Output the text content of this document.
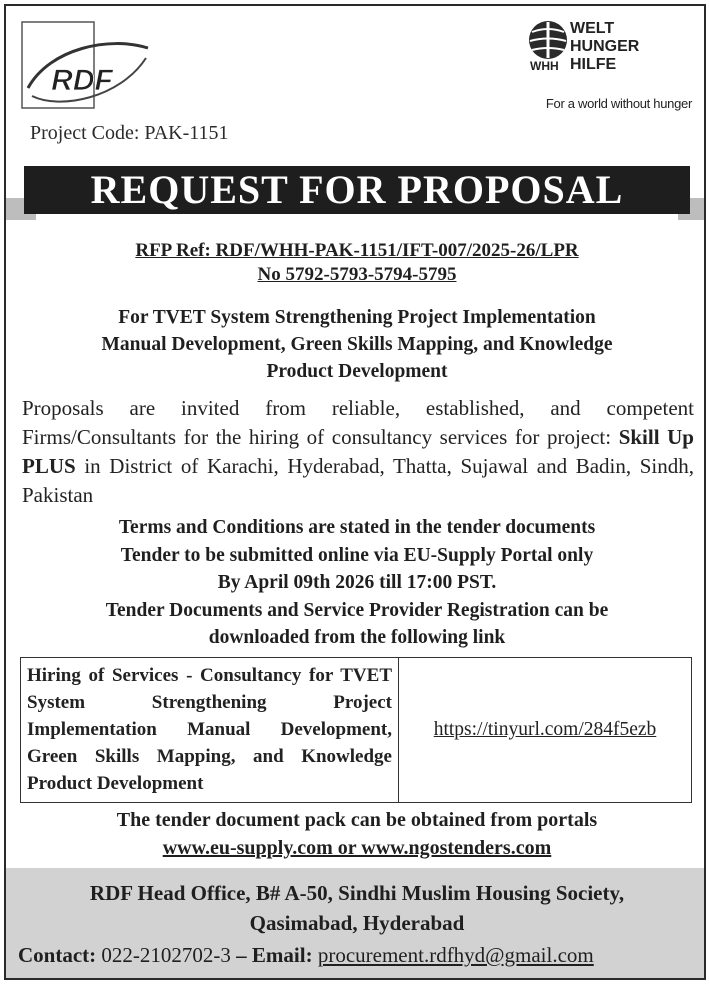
RDF
WELT
HUNGER
HILFE
WHH
For a world without hunger
Project Code: PAK-1151
REQUEST FOR PROPOSAL
RFP Ref: RDF/WHH-PAK-1151/IFT-007/2025-26/LPR
No 5792-5793-5794-5795
For TVET System Strengthening Project Implementation
Manual Development, Green Skills Mapping, and Knowledge
Product Development
Proposals are invited from reliable, established, and competent Firms/Consultants for the hiring of consultancy services for project: Skill Up PLUS in District of Karachi, Hyderabad, Thatta, Sujawal and Badin, Sindh, Pakistan
Terms and Conditions are stated in the tender documents
Tender to be submitted online via EU-Supply Portal only
By April 09th 2026 till 17:00 PST.
Tender Documents and Service Provider Registration can be
downloaded from the following link
Hiring of Services - Consultancy for TVET System Strengthening Project Implementation Manual Development, Green Skills Mapping, and Knowledge Product Development
https://tinyurl.com/284f5ezb
The tender document pack can be obtained from portals
www.eu-supply.com or www.ngostenders.com
RDF Head Office, B# A-50, Sindhi Muslim Housing Society,
Qasimabad, Hyderabad
Contact: 022-2102702-3 – Email: procurement.rdfhyd@gmail.com
